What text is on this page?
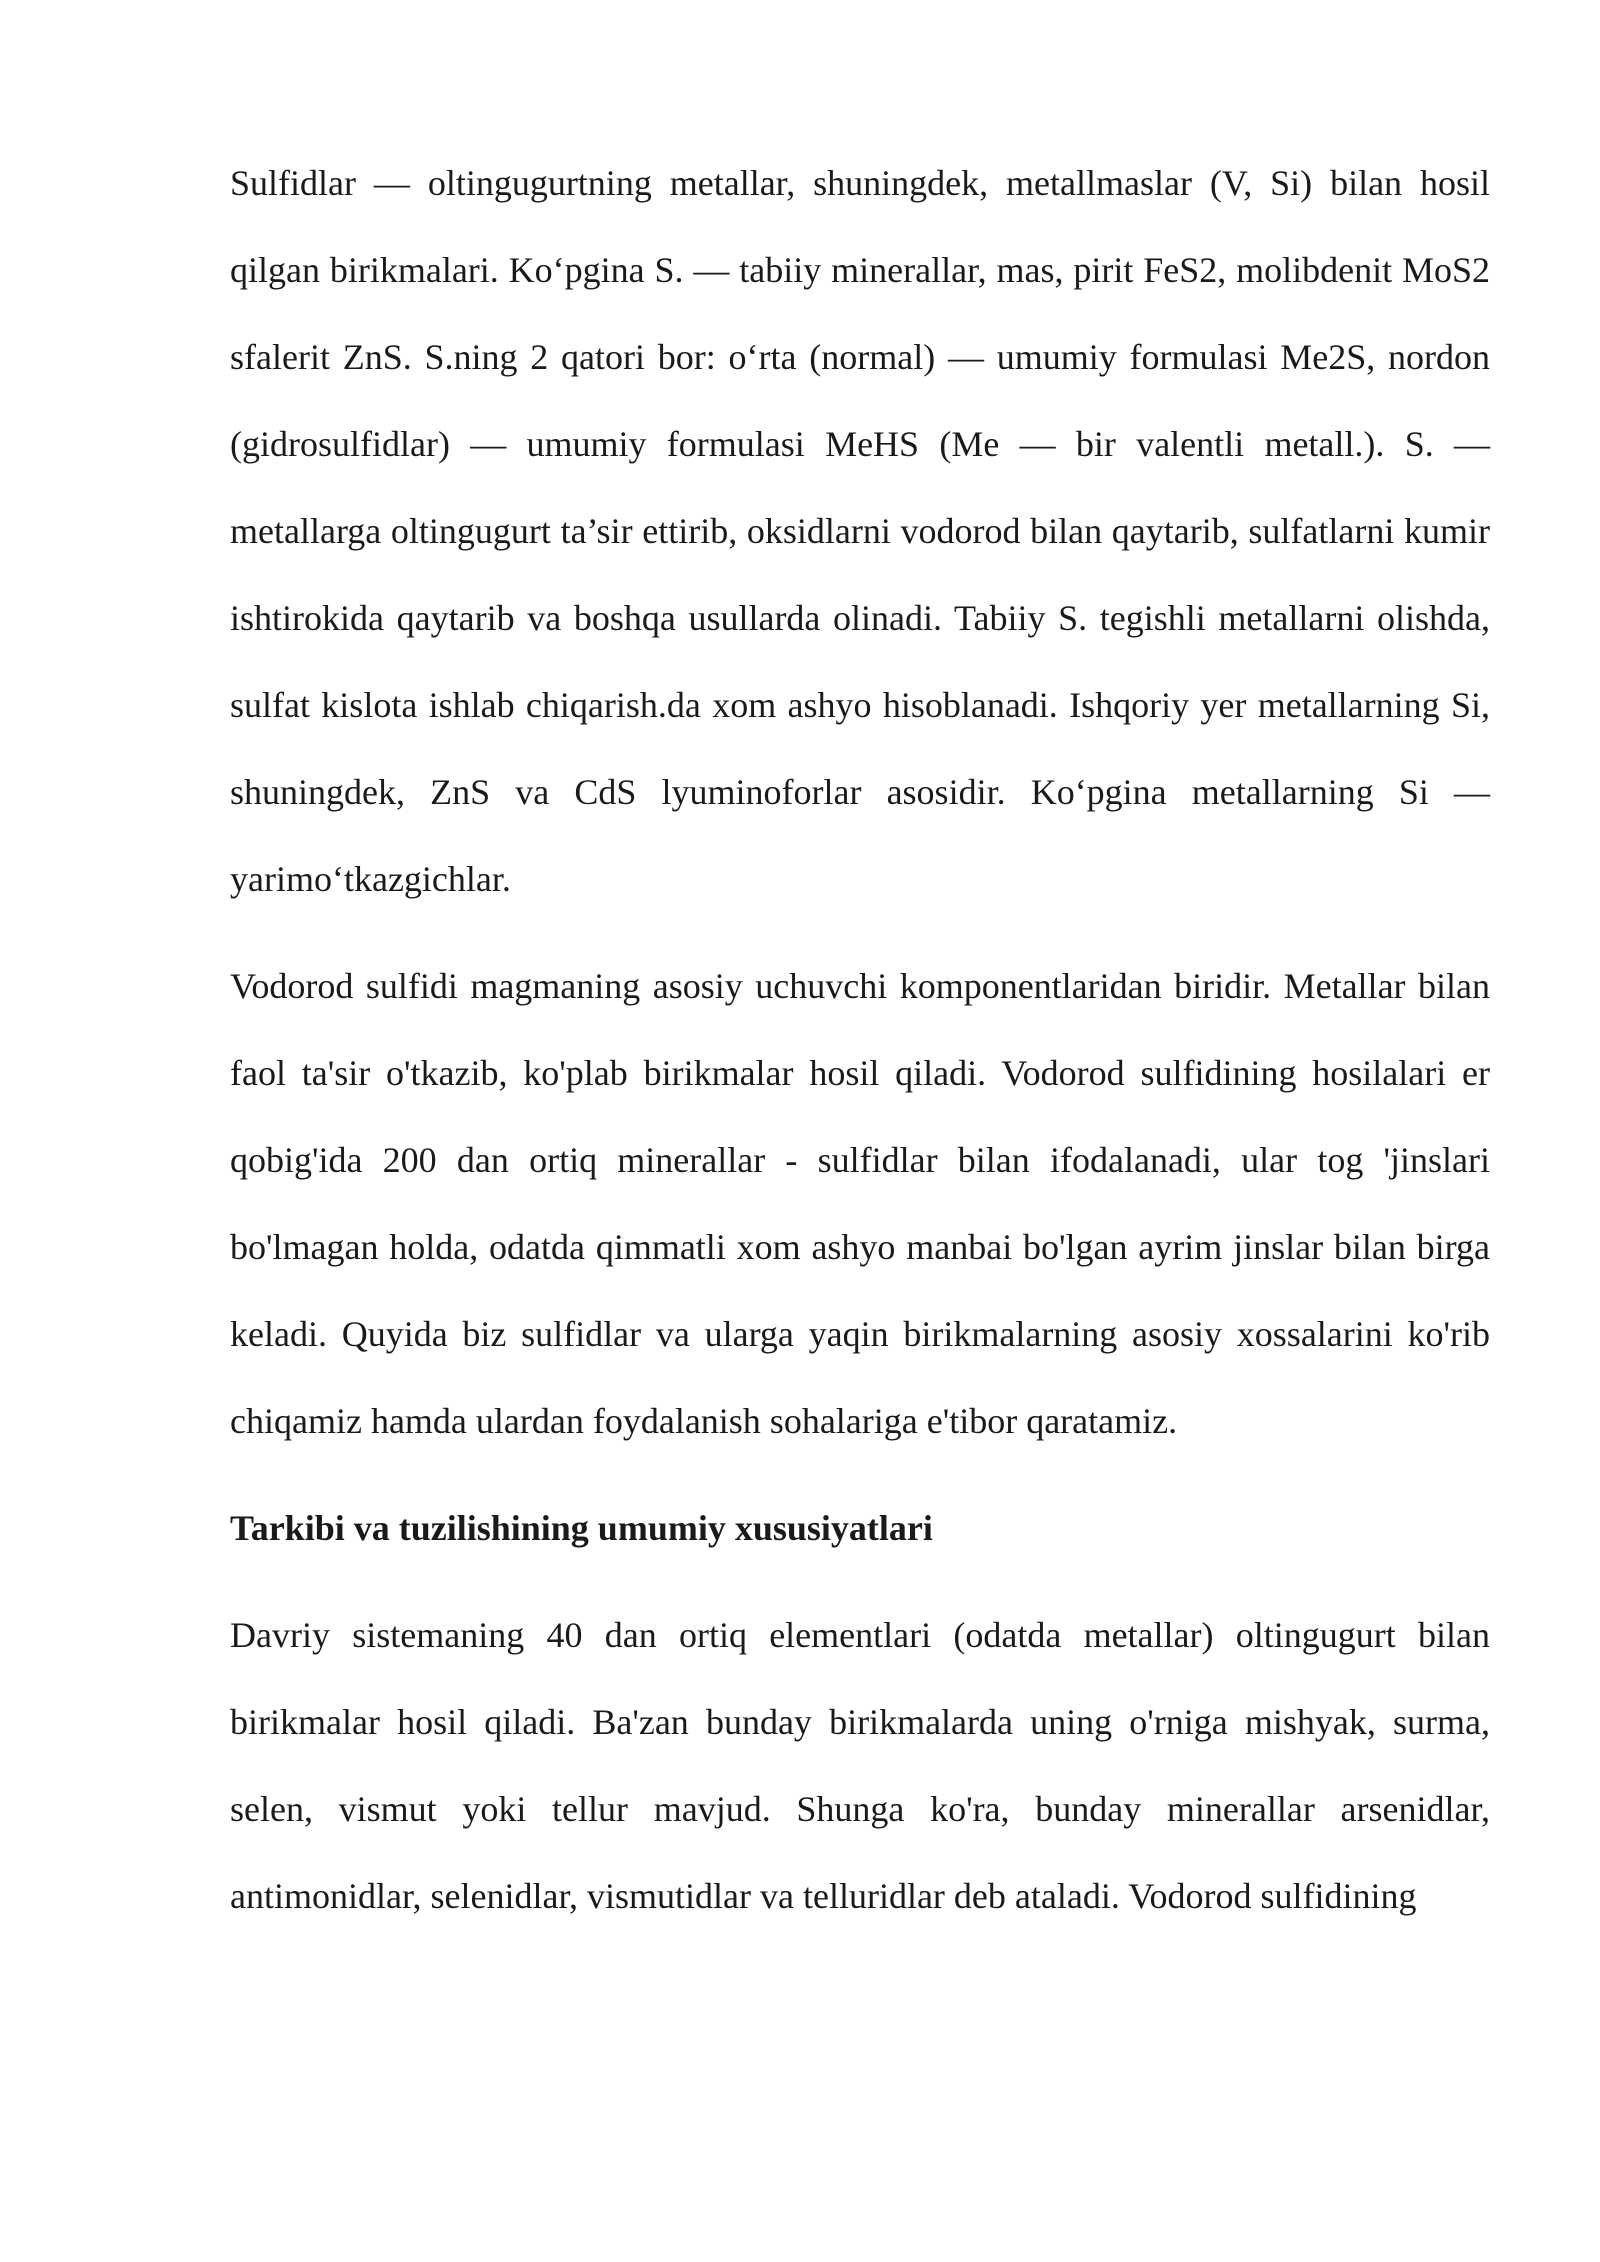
Sulfidlar — oltingugurtning metallar, shuningdek, metallmaslar (V, Si) bilan hosil qilgan birikmalari. Ko‘pgina S. — tabiiy minerallar, mas, pirit FeS2, molibdenit MoS2 sfalerit ZnS. S.ning 2 qatori bor: o‘rta (normal) — umumiy formulasi Me2S, nordon (gidrosulfidlar) — umumiy formulasi MeHS (Me — bir valentli metall.). S. — metallarga oltingugurt ta’sir ettirib, oksidlarni vodorod bilan qaytarib, sulfatlarni kumir ishtirokida qaytarib va boshqa usullarda olinadi. Tabiiy S. tegishli metallarni olishda, sulfat kislota ishlab chiqarish.da xom ashyo hisoblanadi. Ishqoriy yer metallarning Si, shuningdek, ZnS va CdS lyuminoforlar asosidir. Ko‘pgina metallarning Si — yarimo‘tkazgichlar.

Vodorod sulfidi magmaning asosiy uchuvchi komponentlaridan biridir. Metallar bilan faol ta'sir o'tkazib, ko'plab birikmalar hosil qiladi. Vodorod sulfidining hosilalari er qobig'ida 200 dan ortiq minerallar - sulfidlar bilan ifodalanadi, ular tog 'jinslari bo'lmagan holda, odatda qimmatli xom ashyo manbai bo'lgan ayrim jinslar bilan birga keladi. Quyida biz sulfidlar va ularga yaqin birikmalarning asosiy xossalarini ko'rib chiqamiz hamda ulardan foydalanish sohalariga e'tibor qaratamiz.

Tarkibi va tuzilishining umumiy xususiyatlari

Davriy sistemaning 40 dan ortiq elementlari (odatda metallar) oltingugurt bilan birikmalar hosil qiladi. Ba'zan bunday birikmalarda uning o'rniga mishyak, surma, selen, vismut yoki tellur mavjud. Shunga ko'ra, bunday minerallar arsenidlar, antimonidlar, selenidlar, vismutidlar va telluridlar deb ataladi. Vodorod sulfidining
